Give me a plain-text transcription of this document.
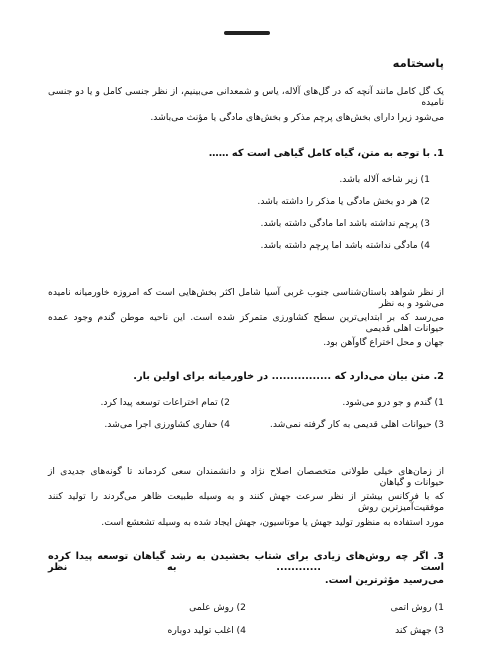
پاسختامه
یک گل کامل مانند آنچه که در گل‌های آلاله، یاس و شمعدانی می‌بینیم، از نظر جنسی کامل و یا دو جنسی نامیده
می‌شود زیرا دارای بخش‌های پرچم مذکر و بخش‌های مادگی یا مؤنث می‌باشد.
1. با توجه به متن، گیاه کامل گیاهی است که ……
1) زیر شاخه آلاله باشد.
2) هر دو بخش مادگی یا مذکر را داشته باشد.
3) پرچم نداشته باشد اما مادگی داشته باشد.
4) مادگی نداشته باشد اما پرچم داشته باشد.
از نظر شواهد باستان‌شناسی جنوب غربی آسیا شامل اکثر بخش‌هایی است که امروزه خاورمیانه نامیده می‌شود و به نظر
می‌رسد که بر ابتدایی‌ترین سطح کشاورزی متمرکز شده است. این ناحیه موطن گندم وجود عمده حیوانات اهلی قدیمی
جهان و محل اختراع گاوآهن بود.
2. متن بیان می‌دارد که ................ در خاورمیانه برای اولین بار.
1) گندم و جو درو می‌شود.
2) تمام اختراعات توسعه پیدا کرد.
3) حیوانات اهلی قدیمی به کار گرفته نمی‌شد.
4) حفاری کشاورزی اجرا می‌شد.
از زمان‌های خیلی طولانی متخصصان اصلاح نژاد و دانشمندان سعی کردماند تا گونه‌های جدیدی از حیوانات و گیاهان
که با فرکانس بیشتر از نظر سرعت جهش کنند و به وسیله طبیعت ظاهر می‌گردند را تولید کنند موفقیت‌آمیزترین روش
مورد استفاده به منظور تولید جهش یا موتاسیون، جهش ایجاد شده به وسیله تشعشع است.
3. اگر چه روش‌های زیادی برای شتاب بخشیدن به رشد گیاهان توسعه پیدا کرده است ............ به نظر
می‌رسید مؤثرترین است.
1) روش اتمی
2) روش علمی
3) جهش کند
4) اغلب تولید دوباره
